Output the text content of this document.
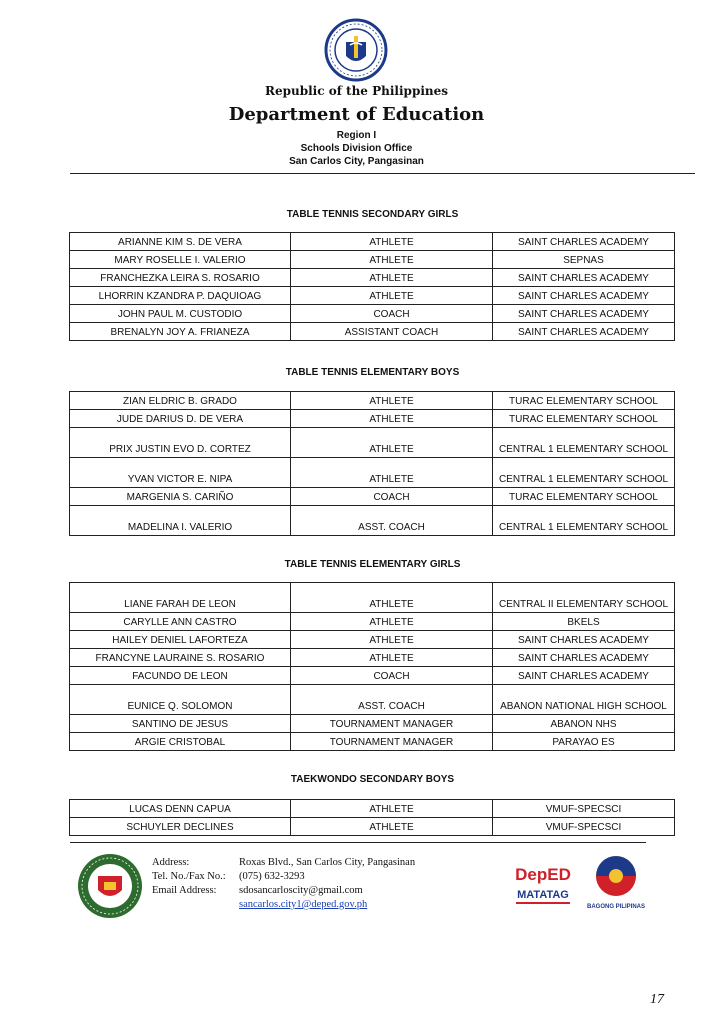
Republic of the Philippines
Department of Education
Region I
Schools Division Office
San Carlos City, Pangasinan
TABLE TENNIS SECONDARY GIRLS
ARIANNE KIM S. DE VERA	ATHLETE	SAINT CHARLES ACADEMY
MARY ROSELLE I. VALERIO	ATHLETE	SEPNAS
FRANCHEZKA LEIRA S. ROSARIO	ATHLETE	SAINT CHARLES ACADEMY
LHORRIN KZANDRA P. DAQUIOAG	ATHLETE	SAINT CHARLES ACADEMY
JOHN PAUL M. CUSTODIO	COACH	SAINT CHARLES ACADEMY
BRENALYN JOY A. FRIANEZA	ASSISTANT COACH	SAINT CHARLES ACADEMY
TABLE TENNIS ELEMENTARY BOYS
ZIAN ELDRIC B. GRADO	ATHLETE	TURAC ELEMENTARY SCHOOL
JUDE DARIUS D. DE VERA	ATHLETE	TURAC ELEMENTARY SCHOOL
PRIX JUSTIN EVO D. CORTEZ	ATHLETE	CENTRAL 1 ELEMENTARY SCHOOL
YVAN VICTOR E. NIPA	ATHLETE	CENTRAL 1 ELEMENTARY SCHOOL
MARGENIA S. CARIÑO	COACH	TURAC ELEMENTARY SCHOOL
MADELINA I. VALERIO	ASST. COACH	CENTRAL 1 ELEMENTARY SCHOOL
TABLE TENNIS ELEMENTARY GIRLS
LIANE FARAH DE LEON	ATHLETE	CENTRAL II ELEMENTARY SCHOOL
CARYLLE ANN CASTRO	ATHLETE	BKELS
HAILEY DENIEL LAFORTEZA	ATHLETE	SAINT CHARLES ACADEMY
FRANCYNE LAURAINE S. ROSARIO	ATHLETE	SAINT CHARLES ACADEMY
FACUNDO DE LEON	COACH	SAINT CHARLES ACADEMY
EUNICE Q. SOLOMON	ASST. COACH	ABANON NATIONAL HIGH SCHOOL
SANTINO DE JESUS	TOURNAMENT MANAGER	ABANON NHS
ARGIE CRISTOBAL	TOURNAMENT MANAGER	PARAYAO ES
TAEKWONDO SECONDARY BOYS
LUCAS DENN CAPUA	ATHLETE	VMUF-SPECSCI
SCHUYLER DECLINES	ATHLETE	VMUF-SPECSCI
Address:
Tel. No./Fax No.:
Email Address:
Roxas Blvd., San Carlos City, Pangasinan
(075) 632-3293
sdosancarloscity@gmail.com
sancarlos.city1@deped.gov.ph
DepED
MATATAG
BAGONG PILIPINAS
17
